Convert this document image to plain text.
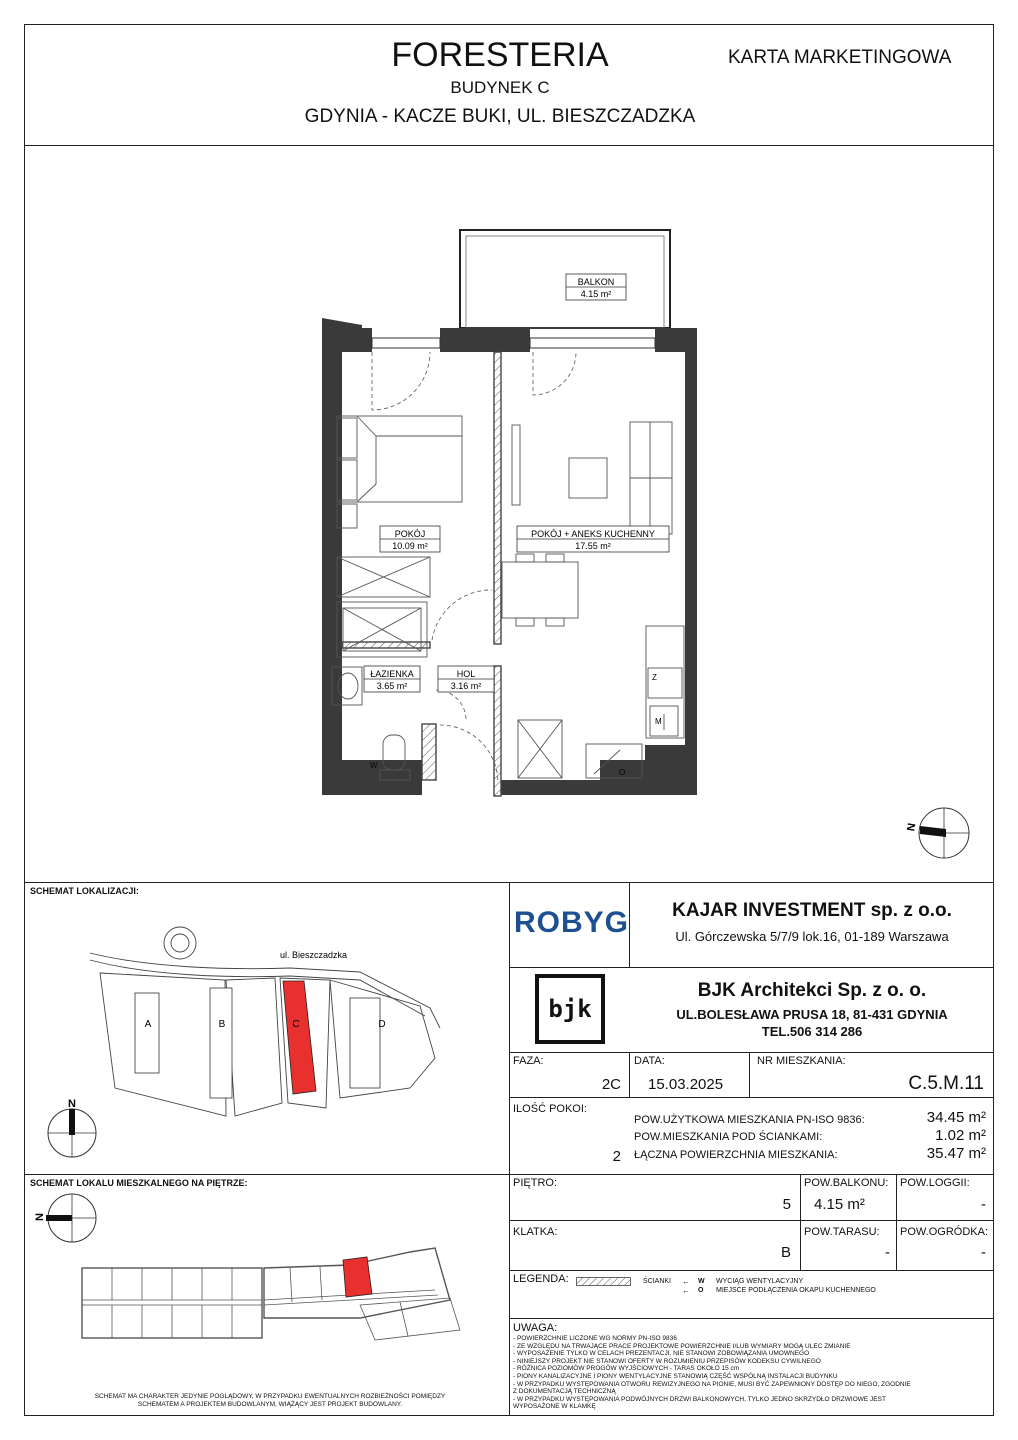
FORESTERIA
BUDYNEK C
GDYNIA - KACZE BUKI, UL. BIESZCZADZKA
KARTA MARKETINGOWA
W
O
Z
M
BALKON
4.15 m²
POKÓJ
10.09 m²
POKÓJ + ANEKS KUCHENNY
17.55 m²
ŁAZIENKA
3.65 m²
HOL
3.16 m²
N
SCHEMAT LOKALIZACJI:
A	B	C	D
ul. Bieszczadzka
N
ROBYG	KAJAR INVESTMENT sp. z o.o.
Ul. Górczewska 5/7/9 lok.16, 01-189 Warszawa
bjk
BJK Architekci Sp. z o. o.
UL.BOLESŁAWA PRUSA 18, 81-431 GDYNIA
TEL.506 314 286
FAZA:
2C
DATA:
15.03.2025
NR MIESZKANIA:
C.5.M.11
ILOŚĆ POKOI:
2
POW.UŻYTKOWA MIESZKANIA PN-ISO 9836:	34.45 m²
POW.MIESZKANIA POD ŚCIANKAMI:	1.02 m²
ŁĄCZNA POWIERZCHNIA MIESZKANIA:	35.47 m²
PIĘTRO:
5
POW.BALKONU:
4.15 m²
POW.LOGGII:
-
KLATKA:
B
POW.TARASU:
-
POW.OGRÓDKA:
-
LEGENDA:	ŚCIANKI ← W WYCIĄG WENTYLACYJNY
← O MIEJSCE PODŁĄCZENIA OKAPU KUCHENNEGO
UWAGA:
- POWIERZCHNIE LICZONE WG NORMY PN-ISO 9836
- ZE WZGLĘDU NA TRWAJĄCE PRACE PROJEKTOWE POWIERZCHNIE I/LUB WYMIARY MOGĄ ULEC ZMIANIE
- WYPOSAŻENIE TYLKO W CELACH PREZENTACJI, NIE STANOWI ZOBOWIĄZANIA UMOWNEGO
- NINIEJSZY PROJEKT NIE STANOWI OFERTY W ROZUMIENIU PRZEPISÓW KODEKSU CYWILNEGO
- RÓŻNICA POZIOMÓW PROGÓW WYJŚCIOWYCH - TARAS OKOŁO 15 cm
- PIONY KANALIZACYJNE I PIONY WENTYLACYJNE STANOWIĄ CZĘŚĆ WSPÓLNĄ INSTALACJI BUDYNKU
- W PRZYPADKU WYSTĘPOWANIA OTWORU REWIZYJNEGO NA PIONIE, MUSI BYĆ ZAPEWNIONY DOSTĘP DO NIEGO, ZGODNIE Z DOKUMENTACJĄ TECHNICZNĄ
- W PRZYPADKU WYSTĘPOWANIA PODWÓJNYCH DRZWI BALKONOWYCH, TYLKO JEDNO SKRZYDŁO DRZWIOWE JEST WYPOSAŻONE W KLAMKĘ
SCHEMAT LOKALU MIESZKALNEGO NA PIĘTRZE:
N
SCHEMAT MA CHARAKTER JEDYNIE POGLĄDOWY, W PRZYPADKU EWENTUALNYCH ROZBIEŻNOŚCI POMIĘDZY SCHEMATEM A PROJEKTEM BUDOWLANYM, WIĄŻĄCY JEST PROJEKT BUDOWLANY.
